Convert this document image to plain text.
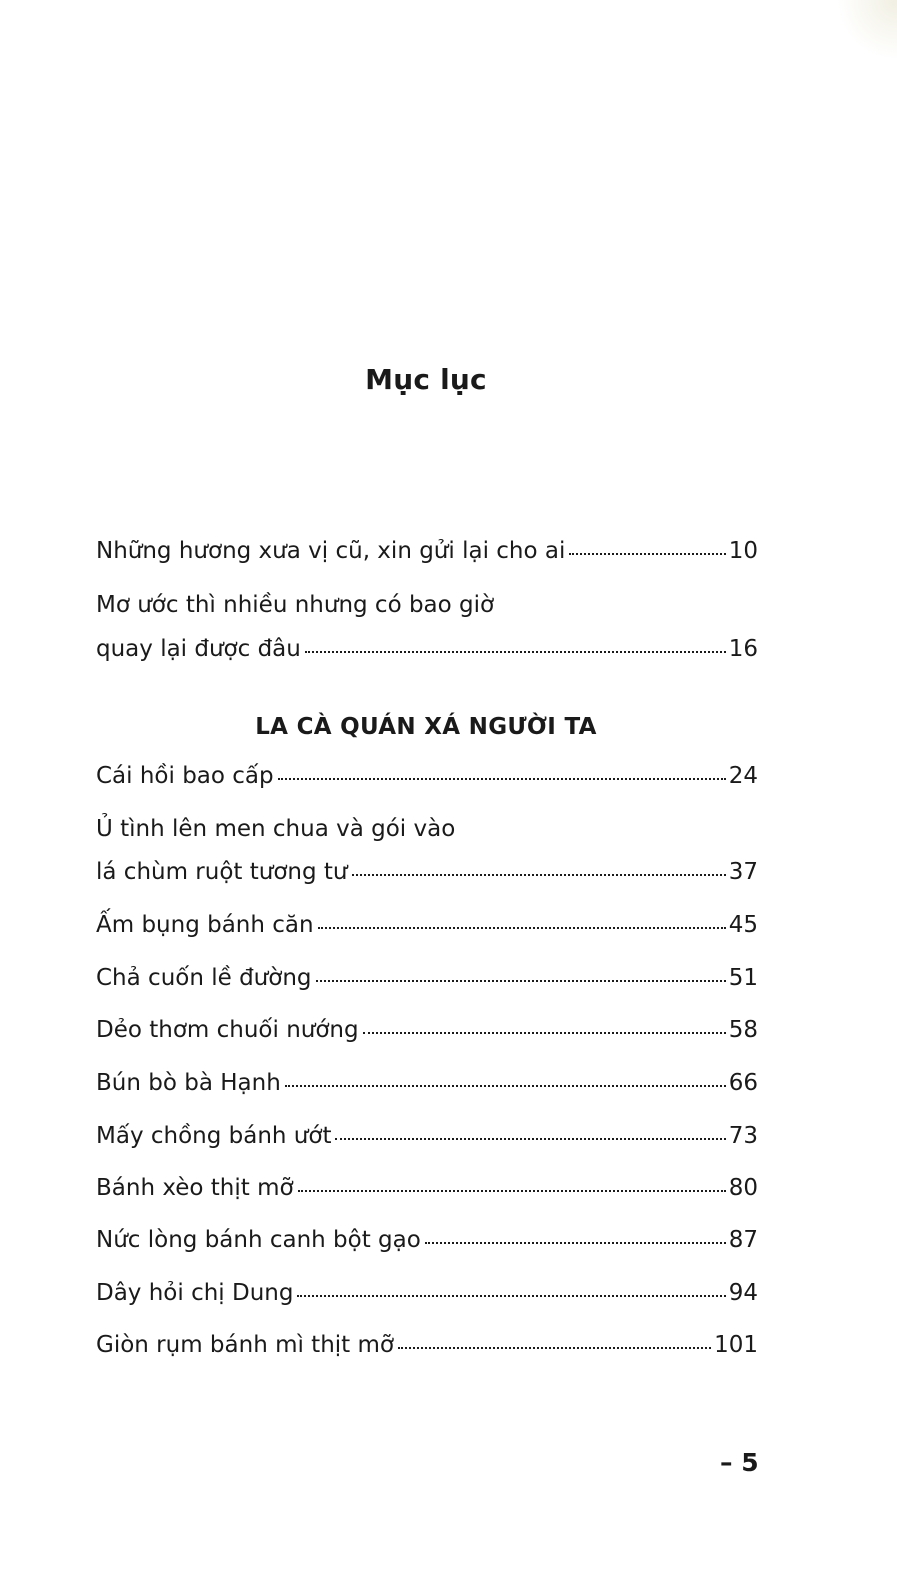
Mục lục
Những hương xưa vị cũ, xin gửi lại cho ai	10
Mơ ước thì nhiều nhưng có bao giờ
quay lại được đâu	16
LA CÀ QUÁN XÁ NGƯỜI TA
Cái hồi bao cấp	24
Ủ tình lên men chua và gói vào
lá chùm ruột tương tư	37
Ấm bụng bánh căn	45
Chả cuốn lề đường	51
Dẻo thơm chuối nướng	58
Bún bò bà Hạnh	66
Mấy chồng bánh ướt	73
Bánh xèo thịt mỡ	80
Nức lòng bánh canh bột gạo	87
Dây hỏi chị Dung	94
Giòn rụm bánh mì thịt mỡ	101
– 5
